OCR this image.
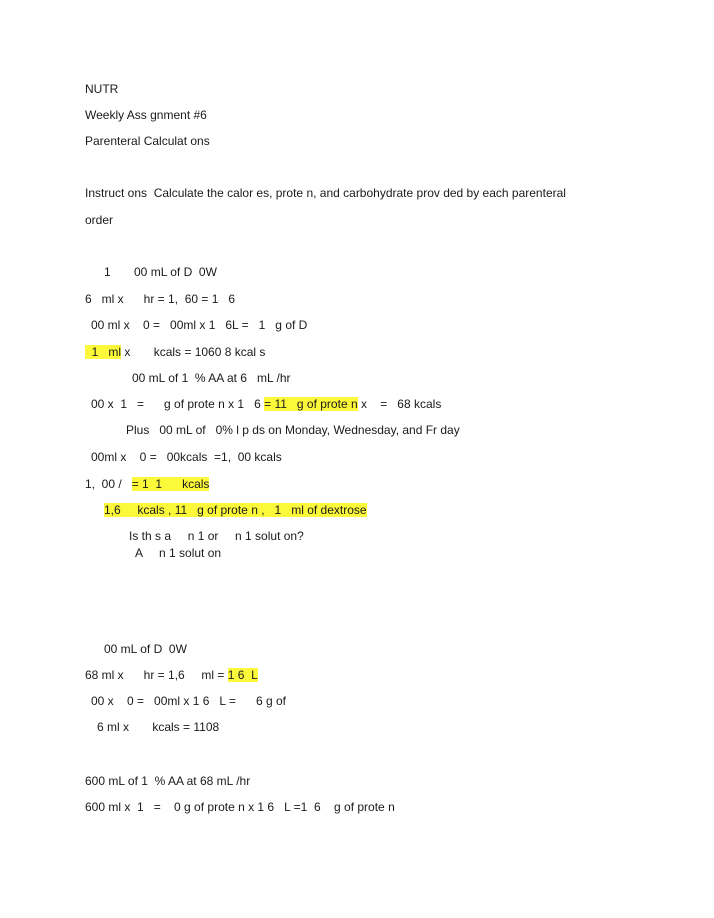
NUTR
Weekly Ass gnment #6
Parenteral Calculat ons
Instruct ons  Calculate the calor es, prote n, and carbohydrate prov ded by each parenteral
order
1       00 mL of D  0W
6   ml x      hr = 1,  60 = 1   6
00 ml x    0 =   00ml x 1   6L =   1   g of D
1   ml x       kcals = 1060 8 kcal s
00 mL of 1  % AA at 6   mL /hr
00 x  1   =      g of prote n x 1   6 = 11   g of prote n x    =   68 kcals
Plus   00 mL of   0% l p ds on Monday, Wednesday, and Fr day
00ml x    0 =   00kcals  =1,  00 kcals
1,  00 /   = 1  1      kcals
1,6     kcals , 11   g of prote n ,   1   ml of dextrose
Is th s a     n 1 or     n 1 solut on?
A     n 1 solut on
00 mL of D  0W
68 ml x      hr = 1,6     ml = 1 6  L
00 x    0 =   00ml x 1 6   L =      6 g of
6 ml x       kcals = 1108
600 mL of 1  % AA at 68 mL /hr
600 ml x  1   =    0 g of prote n x 1 6   L =1  6    g of prote n
